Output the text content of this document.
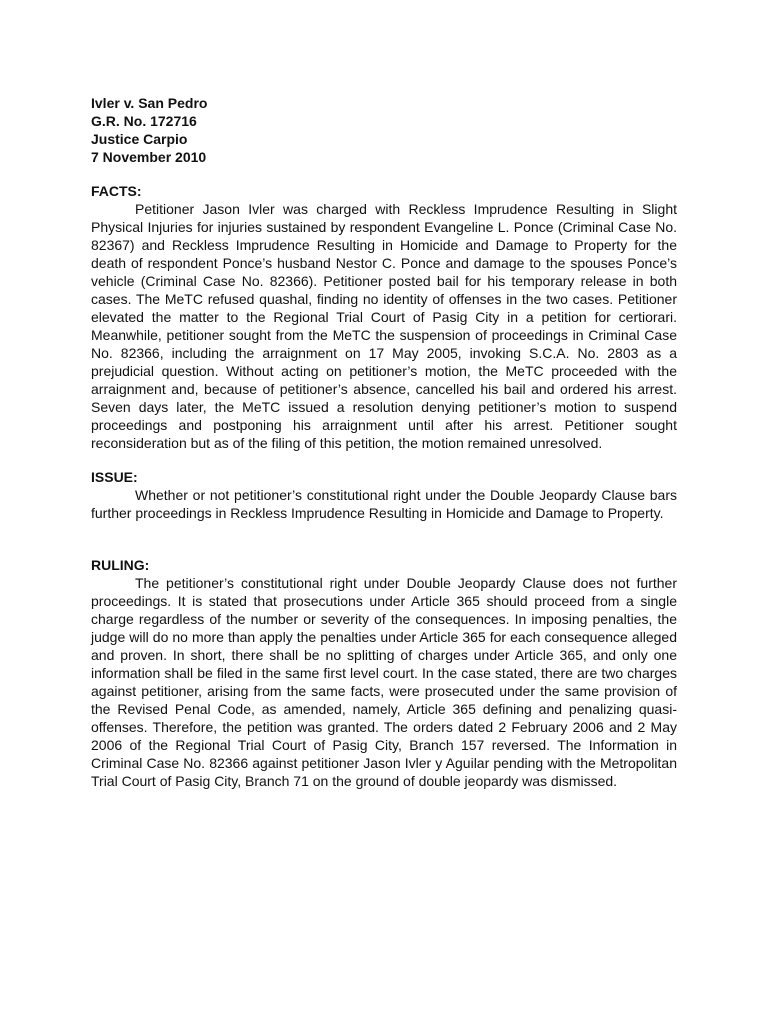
Ivler v. San Pedro

G.R. No. 172716

Justice Carpio

7 November 2010

FACTS:

Petitioner Jason Ivler was charged with Reckless Imprudence Resulting in Slight Physical Injuries for injuries sustained by respondent Evangeline L. Ponce (Criminal Case No. 82367) and Reckless Imprudence Resulting in Homicide and Damage to Property for the death of respondent Ponce’s husband Nestor C. Ponce and damage to the spouses Ponce’s vehicle (Criminal Case No. 82366). Petitioner posted bail for his temporary release in both cases. The MeTC refused quashal, finding no identity of offenses in the two cases. Petitioner elevated the matter to the Regional Trial Court of Pasig City in a petition for certiorari. Meanwhile, petitioner sought from the MeTC the suspension of proceedings in Criminal Case No. 82366, including the arraignment on 17 May 2005, invoking S.C.A. No. 2803 as a prejudicial question. Without acting on petitioner’s motion, the MeTC proceeded with the arraignment and, because of petitioner’s absence, cancelled his bail and ordered his arrest. Seven days later, the MeTC issued a resolution denying petitioner’s motion to suspend proceedings and postponing his arraignment until after his arrest. Petitioner sought reconsideration but as of the filing of this petition, the motion remained unresolved.

ISSUE:

Whether or not petitioner’s constitutional right under the Double Jeopardy Clause bars further proceedings in Reckless Imprudence Resulting in Homicide and Damage to Property.

RULING:

The petitioner’s constitutional right under Double Jeopardy Clause does not further proceedings. It is stated that prosecutions under Article 365 should proceed from a single charge regardless of the number or severity of the consequences. In imposing penalties, the judge will do no more than apply the penalties under Article 365 for each consequence alleged and proven. In short, there shall be no splitting of charges under Article 365, and only one information shall be filed in the same first level court. In the case stated, there are two charges against petitioner, arising from the same facts, were prosecuted under the same provision of the Revised Penal Code, as amended, namely, Article 365 defining and penalizing quasi-offenses. Therefore, the petition was granted. The orders dated 2 February 2006 and 2 May 2006 of the Regional Trial Court of Pasig City, Branch 157 reversed. The Information in Criminal Case No. 82366 against petitioner Jason Ivler y Aguilar pending with the Metropolitan Trial Court of Pasig City, Branch 71 on the ground of double jeopardy was dismissed.
